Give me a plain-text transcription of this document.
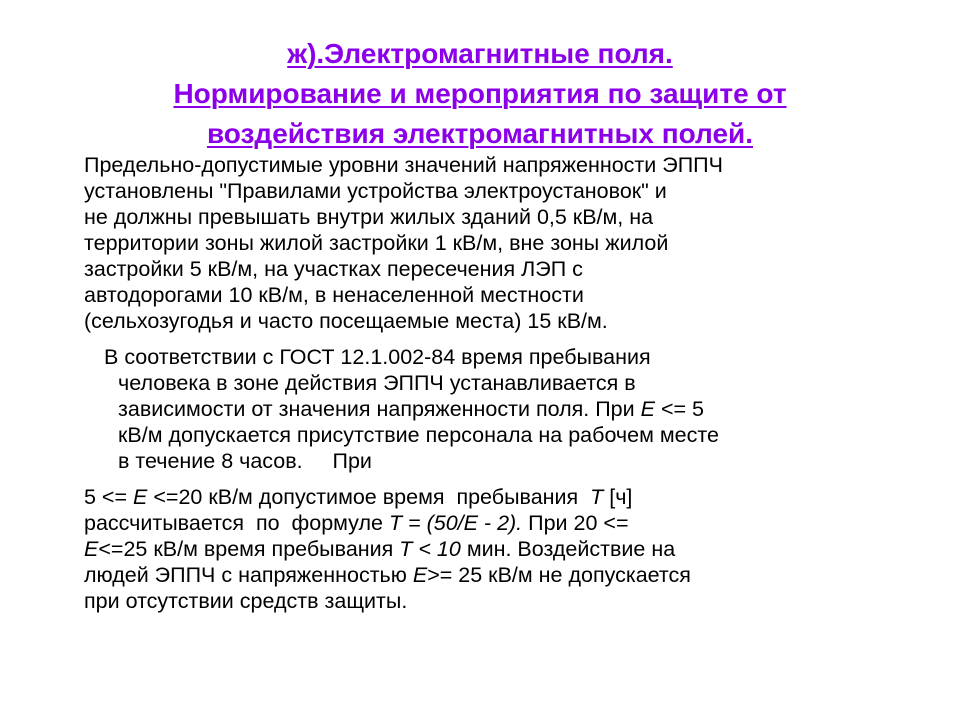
ж).Электромагнитные поля.
Нормирование и мероприятия по защите от
воздействия электромагнитных полей.

Предельно-допустимые уровни значений напряженности ЭППЧ
установлены "Правилами устройства электроустановок" и
не должны превышать внутри жилых зданий 0,5 кВ/м, на
территории зоны жилой застройки 1 кВ/м, вне зоны жилой
застройки 5 кВ/м, на участках пересечения ЛЭП с
автодорогами 10 кВ/м, в ненаселенной местности
(сельхозугодья и часто посещаемые места) 15 кВ/м.

В соответствии с ГОСТ 12.1.002-84 время пребывания
человека в зоне действия ЭППЧ устанавливается в
зависимости от значения напряженности поля. При E <= 5
кВ/м допускается присутствие персонала на рабочем месте
в течение 8 часов.     При

5 <= E <=20 кВ/м допустимое время  пребывания  T [ч]
рассчитывается  по  формуле T = (50/E - 2). При 20 <=
E<=25 кВ/м время пребывания T < 10 мин. Воздействие на
людей ЭППЧ с напряженностью E>= 25 кВ/м не допускается
при отсутствии средств защиты.
